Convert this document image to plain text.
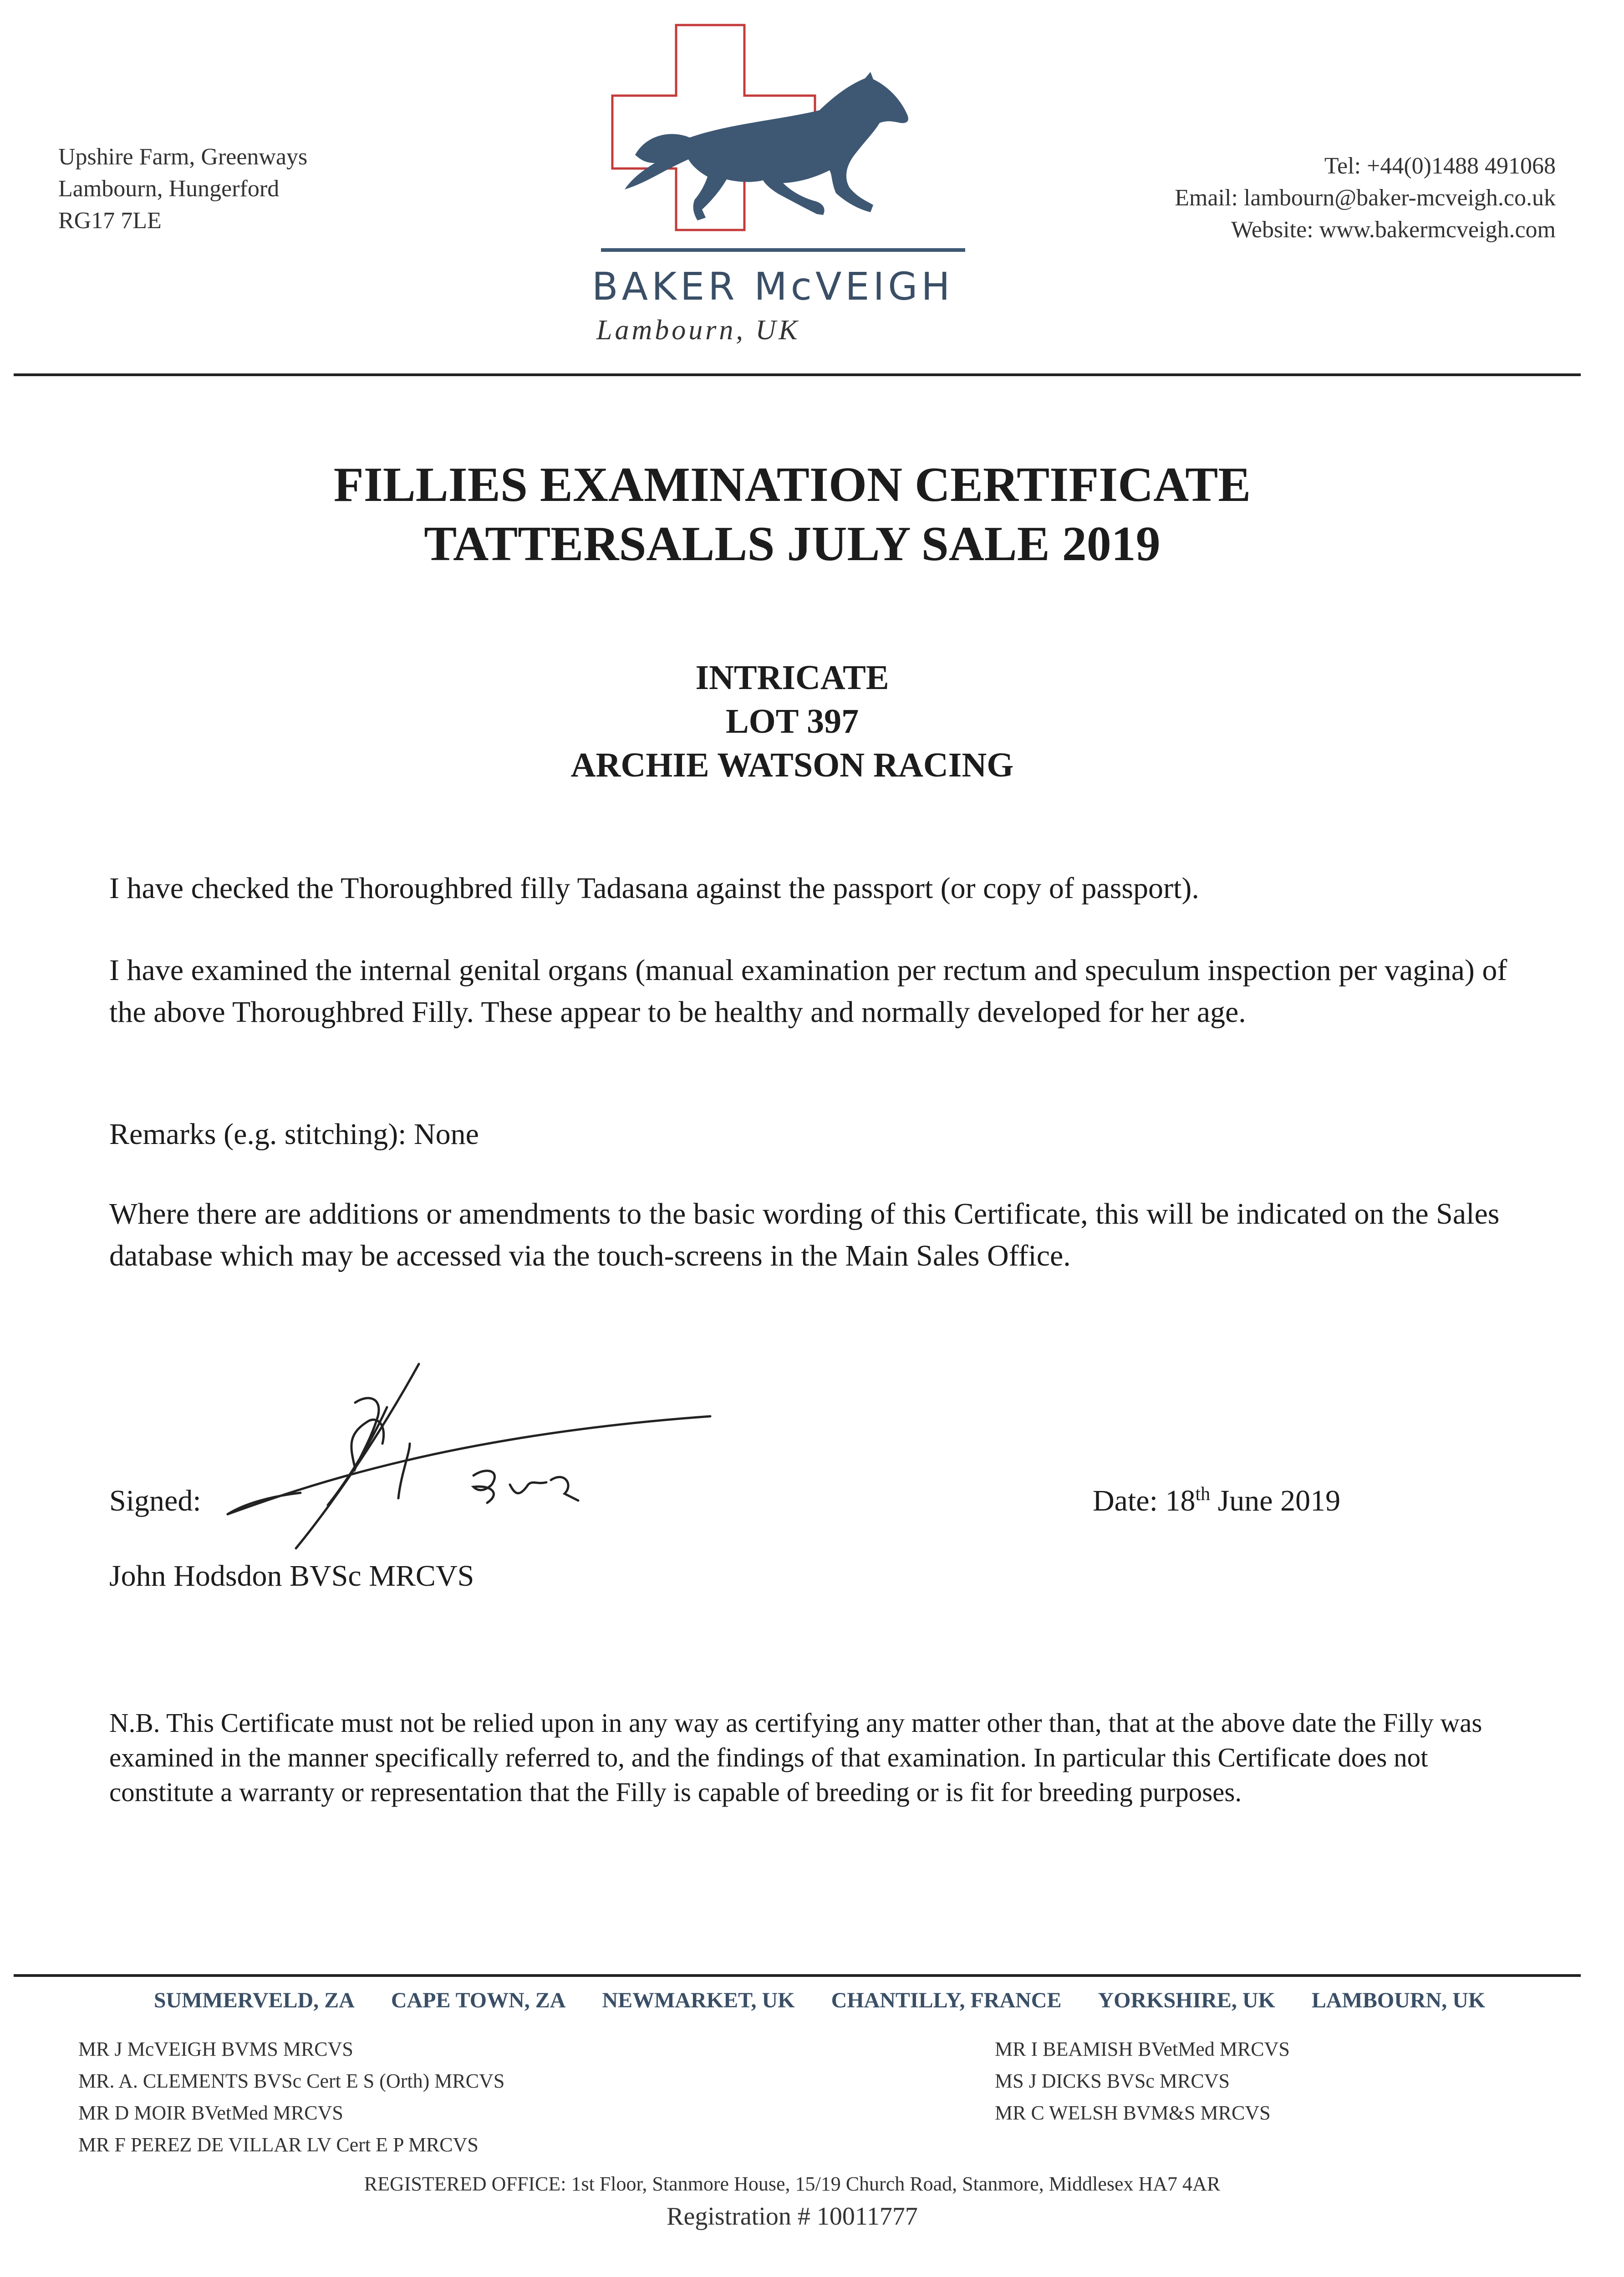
Upshire Farm, Greenways
Lambourn, Hungerford
RG17 7LE
BAKER McVEIGH
Lambourn, UK
Tel: +44(0)1488 491068
Email: lambourn@baker-mcveigh.co.uk
Website: www.bakermcveigh.com
FILLIES EXAMINATION CERTIFICATE
TATTERSALLS JULY SALE 2019
INTRICATE
LOT 397
ARCHIE WATSON RACING
I have checked the Thoroughbred filly Tadasana against the passport (or copy of passport).
I have examined the internal genital organs (manual examination per rectum and speculum inspection per vagina) of the above Thoroughbred Filly. These appear to be healthy and normally developed for her age.
Remarks (e.g. stitching): None
Where there are additions or amendments to the basic wording of this Certificate, this will be indicated on the Sales database which may be accessed via the touch-screens in the Main Sales Office.
Signed:	Date: 18th June 2019
John Hodsdon BVSc MRCVS
N.B. This Certificate must not be relied upon in any way as certifying any matter other than, that at the above date the Filly was examined in the manner specifically referred to, and the findings of that examination. In particular this Certificate does not constitute a warranty or representation that the Filly is capable of breeding or is fit for breeding purposes.
SUMMERVELD, ZA CAPE TOWN, ZA NEWMARKET, UK CHANTILLY, FRANCE YORKSHIRE, UK LAMBOURN, UK
MR J McVEIGH BVMS MRCVS
MR. A. CLEMENTS BVSc Cert E S (Orth) MRCVS
MR D MOIR BVetMed MRCVS
MR F PEREZ DE VILLAR LV Cert E P MRCVS
MR I BEAMISH BVetMed MRCVS
MS J DICKS BVSc MRCVS
MR C WELSH BVM&S MRCVS
REGISTERED OFFICE: 1st Floor, Stanmore House, 15/19 Church Road, Stanmore, Middlesex HA7 4AR
Registration # 10011777
